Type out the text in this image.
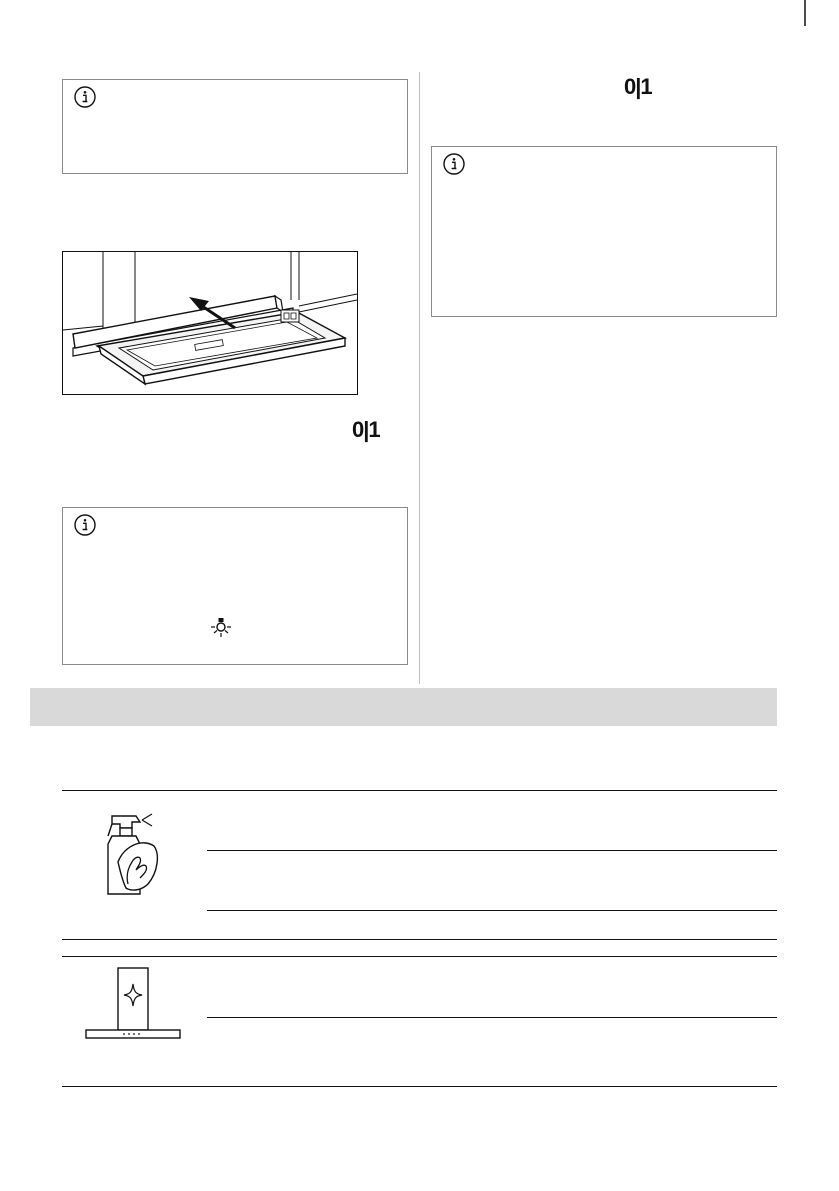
0|1
0|1
